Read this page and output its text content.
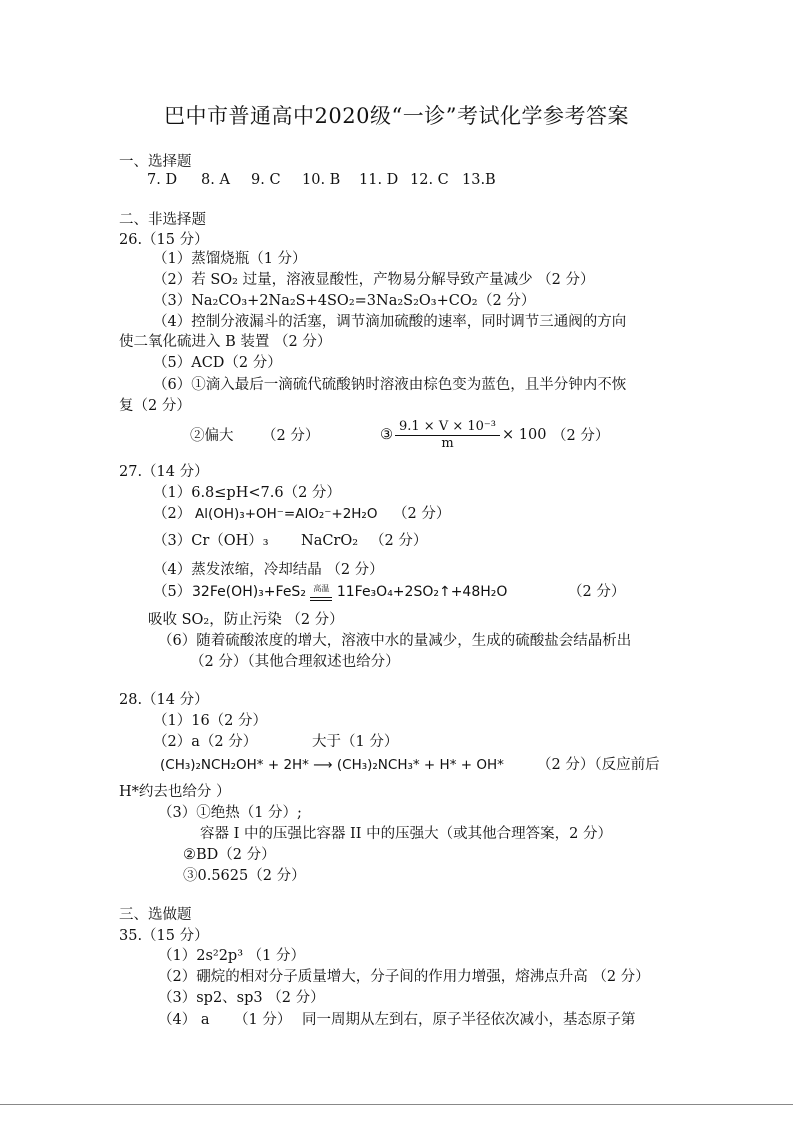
巴中市普通高中2020级“一诊”考试化学参考答案
一、选择题
7. D 8. A 9. C 10. B 11. D 12. C 13.B
二、非选择题
26.（15 分）
（1）蒸馏烧瓶（1 分）
（2）若 SO₂ 过量，溶液显酸性，产物易分解导致产量减少 （2 分）
（3）Na₂CO₃+2Na₂S+4SO₂=3Na₂S₂O₃+CO₂ （2 分）
（4）控制分液漏斗的活塞，调节滴加硫酸的速率，同时调节三通阀的方向
使二氧化硫进入 B 装置 （2 分）
（5）ACD（2 分）
（6）①滴入最后一滴硫代硫酸钠时溶液由棕色变为蓝色，且半分钟内不恢
复（2 分）
②偏大 （2 分）	③ $\frac{\text{9.1 × V × 10⁻³}}{m} \times 100$ （2 分）
27.（14 分）
（1）6.8≤pH<7.6（2 分）
（2） Al(OH)₃+OH⁻=AlO₂⁻+2H₂O （2 分）
（3）Cr（OH）₃ NaCrO₂ （2 分）
（4）蒸发浓缩，冷却结晶 （2 分）
（5） 32Fe(OH)₃+FeS₂ 高温 11Fe₃O₄+2SO₂↑+48H₂O	（2 分）
吸收 SO₂，防止污染 （2 分）
（6）随着硫酸浓度的增大，溶液中水的量减少，生成的硫酸盐会结晶析出
（2 分）（其他合理叙述也给分）
28.（14 分）
（1）16（2 分）
（2）a（2 分）	大于（1 分）
(CH₃)₂NCH₂OH* + 2H* ⟶ (CH₃)₂NCH₃* + H* + OH* （2 分）（反应前后
H*约去也给分 ）
（3）①绝热（1 分）;
容器 I 中的压强比容器 II 中的压强大（或其他合理答案，2 分）
②BD（2 分）
③0.5625（2 分）
三、选做题
35.（15 分）
（1）2s²2p³ （1 分）
（2）硼烷的相对分子质量增大，分子间的作用力增强，熔沸点升高 （2 分）
（3）sp2、sp3 （2 分）
（4） a （1 分） 同一周期从左到右，原子半径依次减小，基态原子第
